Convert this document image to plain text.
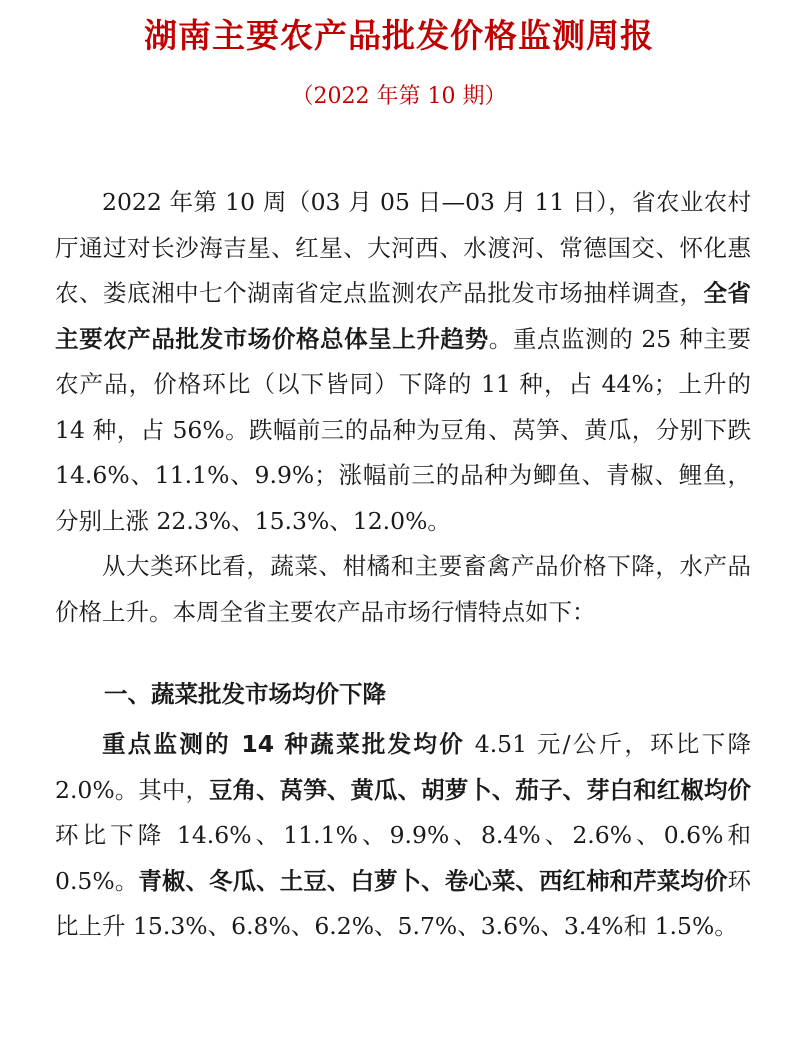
湖南主要农产品批发价格监测周报
（2022 年第 10 期）

2022 年第 10 周（03 月 05 日—03 月 11 日），省农业农村厅通过对长沙海吉星、红星、大河西、水渡河、常德国交、怀化惠农、娄底湘中七个湖南省定点监测农产品批发市场抽样调查，全省主要农产品批发市场价格总体呈上升趋势。重点监测的 25 种主要农产品，价格环比（以下皆同）下降的 11 种，占 44%；上升的 14 种，占 56%。跌幅前三的品种为豆角、莴笋、黄瓜，分别下跌 14.6%、11.1%、9.9%；涨幅前三的品种为鲫鱼、青椒、鲤鱼，分别上涨 22.3%、15.3%、12.0%。

从大类环比看，蔬菜、柑橘和主要畜禽产品价格下降，水产品价格上升。本周全省主要农产品市场行情特点如下：

一、蔬菜批发市场均价下降

重点监测的 14 种蔬菜批发均价 4.51 元/公斤，环比下降 2.0%。其中，豆角、莴笋、黄瓜、胡萝卜、茄子、芽白和红椒均价环比下降 14.6%、11.1%、9.9%、8.4%、2.6%、0.6%和 0.5%。青椒、冬瓜、土豆、白萝卜、卷心菜、西红柿和芹菜均价环比上升 15.3%、6.8%、6.2%、5.7%、3.6%、3.4%和 1.5%。
